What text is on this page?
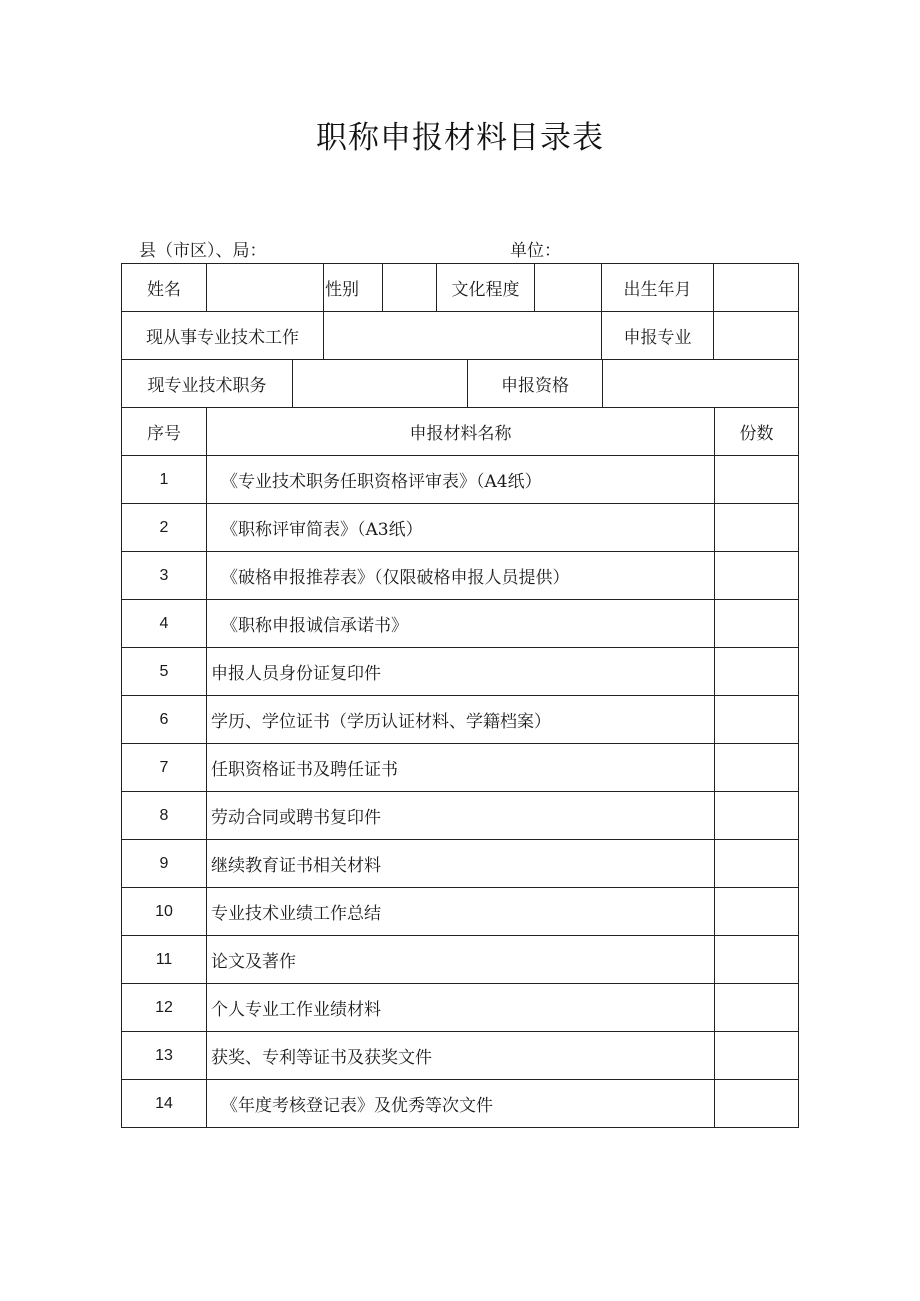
职称申报材料目录表
县（市区）、局：	单位：
姓名	性别	文化程度	出生年月
现从事专业技术工作	申报专业
现专业技术职务	申报资格
序号	申报材料名称	份数
1	《专业技术职务任职资格评审表》（A4纸）
2	《职称评审简表》（A3纸）
3	《破格申报推荐表》（仅限破格申报人员提供）
4	《职称申报诚信承诺书》
5	申报人员身份证复印件
6	学历、学位证书（学历认证材料、学籍档案）
7	任职资格证书及聘任证书
8	劳动合同或聘书复印件
9	继续教育证书相关材料
10	专业技术业绩工作总结
11	论文及著作
12	个人专业工作业绩材料
13	获奖、专利等证书及获奖文件
14	《年度考核登记表》及优秀等次文件
